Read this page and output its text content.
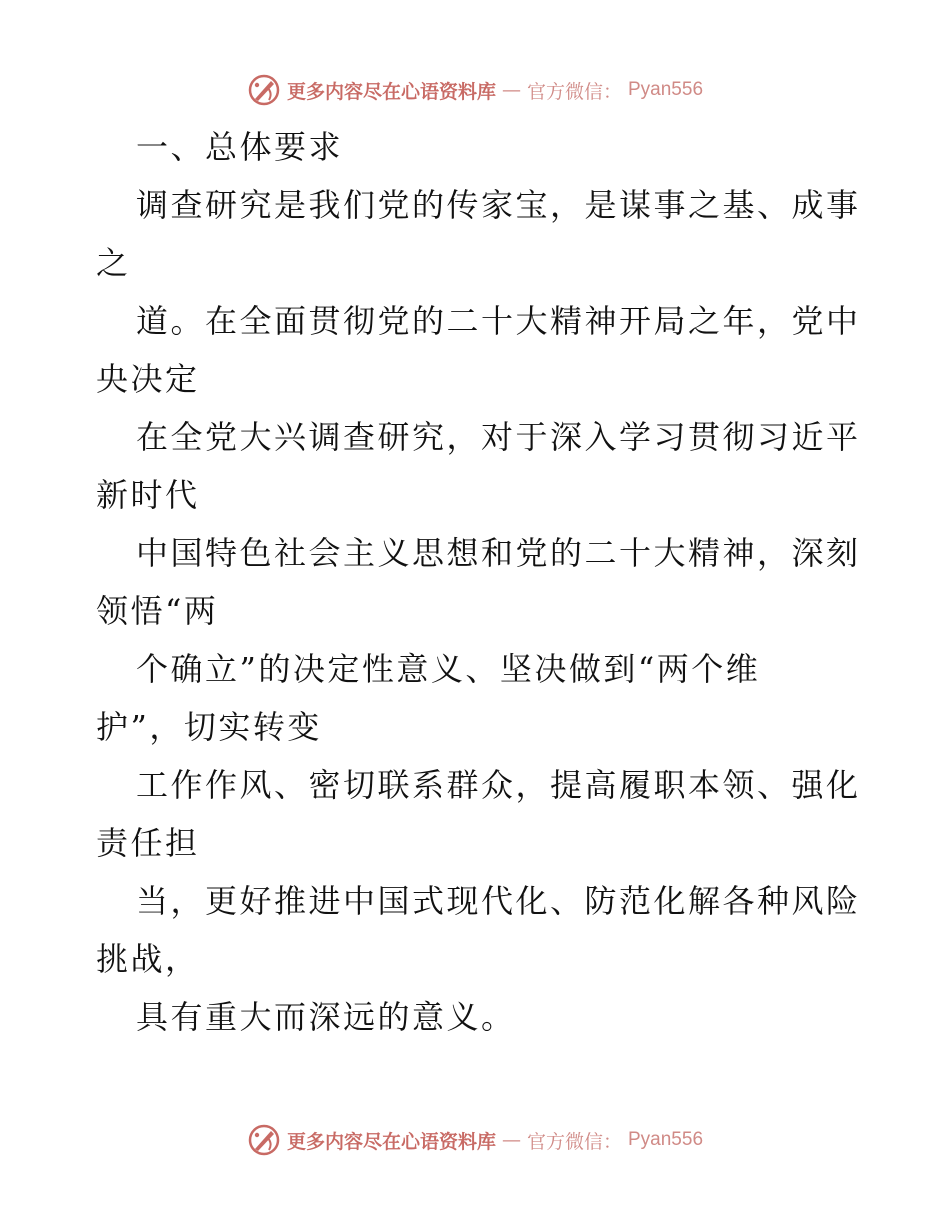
更多内容尽在心语资料库 — 官方微信： Pyan556
一、总体要求
调查研究是我们党的传家宝，是谋事之基、成事
之
道。在全面贯彻党的二十大精神开局之年，党中
央决定
在全党大兴调查研究，对于深入学习贯彻习近平
新时代
中国特色社会主义思想和党的二十大精神，深刻
领悟“两
个确立”的决定性意义、坚决做到“两个维
护”，切实转变
工作作风、密切联系群众，提高履职本领、强化
责任担
当，更好推进中国式现代化、防范化解各种风险
挑战，
具有重大而深远的意义。
更多内容尽在心语资料库 — 官方微信： Pyan556
